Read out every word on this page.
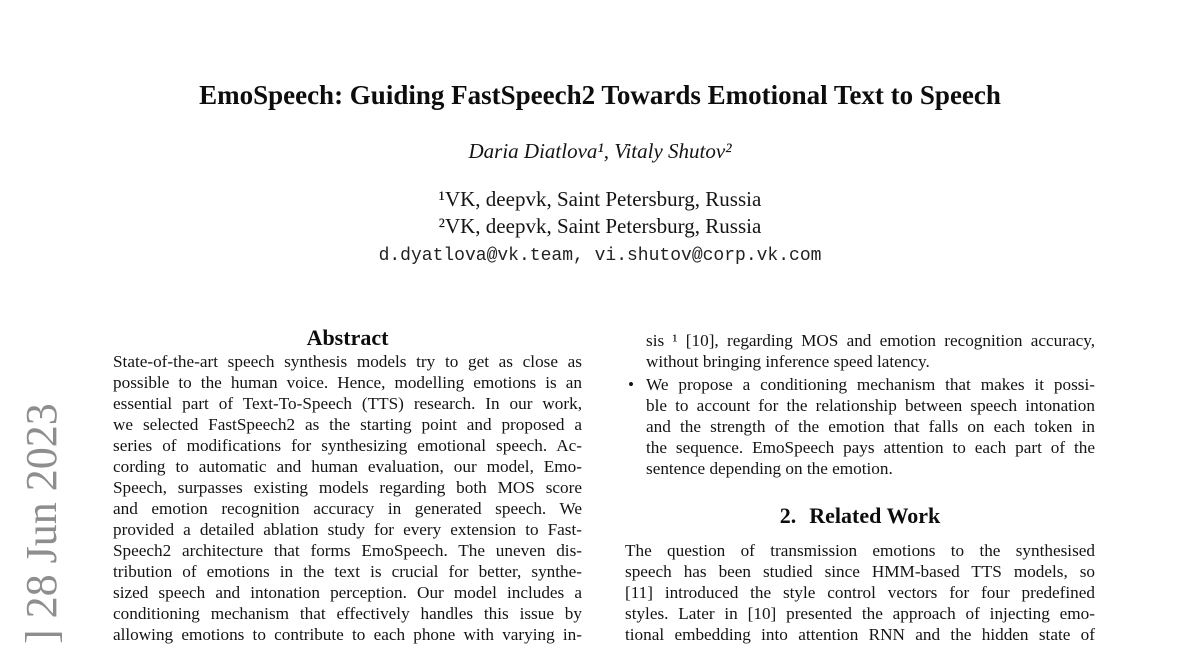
] 28 Jun 2023
EmoSpeech: Guiding FastSpeech2 Towards Emotional Text to Speech
Daria Diatlova¹, Vitaly Shutov²
¹VK, deepvk, Saint Petersburg, Russia
²VK, deepvk, Saint Petersburg, Russia
d.dyatlova@vk.team, vi.shutov@corp.vk.com
Abstract
State-of-the-art speech synthesis models try to get as close as
possible to the human voice. Hence, modelling emotions is an
essential part of Text-To-Speech (TTS) research. In our work,
we selected FastSpeech2 as the starting point and proposed a
series of modifications for synthesizing emotional speech. Ac-
cording to automatic and human evaluation, our model, Emo-
Speech, surpasses existing models regarding both MOS score
and emotion recognition accuracy in generated speech. We
provided a detailed ablation study for every extension to Fast-
Speech2 architecture that forms EmoSpeech. The uneven dis-
tribution of emotions in the text is crucial for better, synthe-
sized speech and intonation perception. Our model includes a
conditioning mechanism that effectively handles this issue by
allowing emotions to contribute to each phone with varying in-
sis ¹ [10], regarding MOS and emotion recognition accuracy,
without bringing inference speed latency.
• We propose a conditioning mechanism that makes it possi-
ble to account for the relationship between speech intonation
and the strength of the emotion that falls on each token in
the sequence. EmoSpeech pays attention to each part of the
sentence depending on the emotion.
2. Related Work
The question of transmission emotions to the synthesised
speech has been studied since HMM-based TTS models, so
[11] introduced the style control vectors for four predefined
styles. Later in [10] presented the approach of injecting emo-
tional embedding into attention RNN and the hidden state of
